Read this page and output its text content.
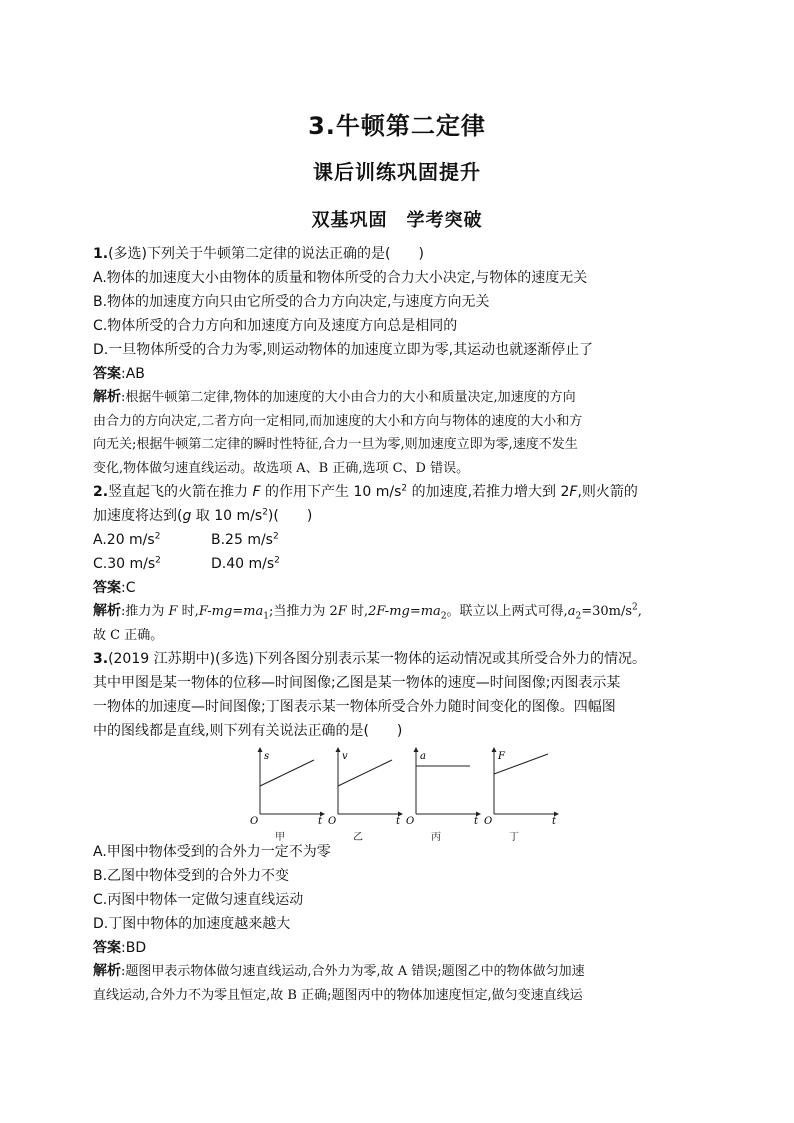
3.牛顿第二定律
课后训练巩固提升
双基巩固　学考突破
1.(多选)下列关于牛顿第二定律的说法正确的是(　　)
A.物体的加速度大小由物体的质量和物体所受的合力大小决定,与物体的速度无关
B.物体的加速度方向只由它所受的合力方向决定,与速度方向无关
C.物体所受的合力方向和加速度方向及速度方向总是相同的
D.一旦物体所受的合力为零,则运动物体的加速度立即为零,其运动也就逐渐停止了
答案:AB
解析:根据牛顿第二定律,物体的加速度的大小由合力的大小和质量决定,加速度的方向
由合力的方向决定,二者方向一定相同,而加速度的大小和方向与物体的速度的大小和方
向无关;根据牛顿第二定律的瞬时性特征,合力一旦为零,则加速度立即为零,速度不发生
变化,物体做匀速直线运动。故选项 A、B 正确,选项 C、D 错误。
2.竖直起飞的火箭在推力 F 的作用下产生 10 $m/s^2$ 的加速度,若推力增大到 2F,则火箭的
加速度将达到(g 取 10 $m/s^2$)(　　)
A.20 $m/s^2$	B.25 $m/s^2$
C.30 $m/s^2$	D.40 $m/s^2$
答案:C
解析:推力为 F 时$,F-mg=ma_1$;当推力为 2F 时$,2F-mg=ma_2$。联立以上两式可得$,a_2=30m/s^2$,
故 C 正确。
3.(2019 江苏期中)(多选)下列各图分别表示某一物体的运动情况或其所受合外力的情况。
其中甲图是某一物体的位移—时间图像;乙图是某一物体的速度—时间图像;丙图表示某
一物体的加速度—时间图像;丁图表示某一物体所受合外力随时间变化的图像。四幅图
中的图线都是直线,则下列有关说法正确的是(　　)
s
t
O
甲
v
t
O
乙
a
t
O
丙
F
t
O
丁
A.甲图中物体受到的合外力一定不为零
B.乙图中物体受到的合外力不变
C.丙图中物体一定做匀速直线运动
D.丁图中物体的加速度越来越大
答案:BD
解析:题图甲表示物体做匀速直线运动,合外力为零,故 A 错误;题图乙中的物体做匀加速
直线运动,合外力不为零且恒定,故 B 正确;题图丙中的物体加速度恒定,做匀变速直线运
